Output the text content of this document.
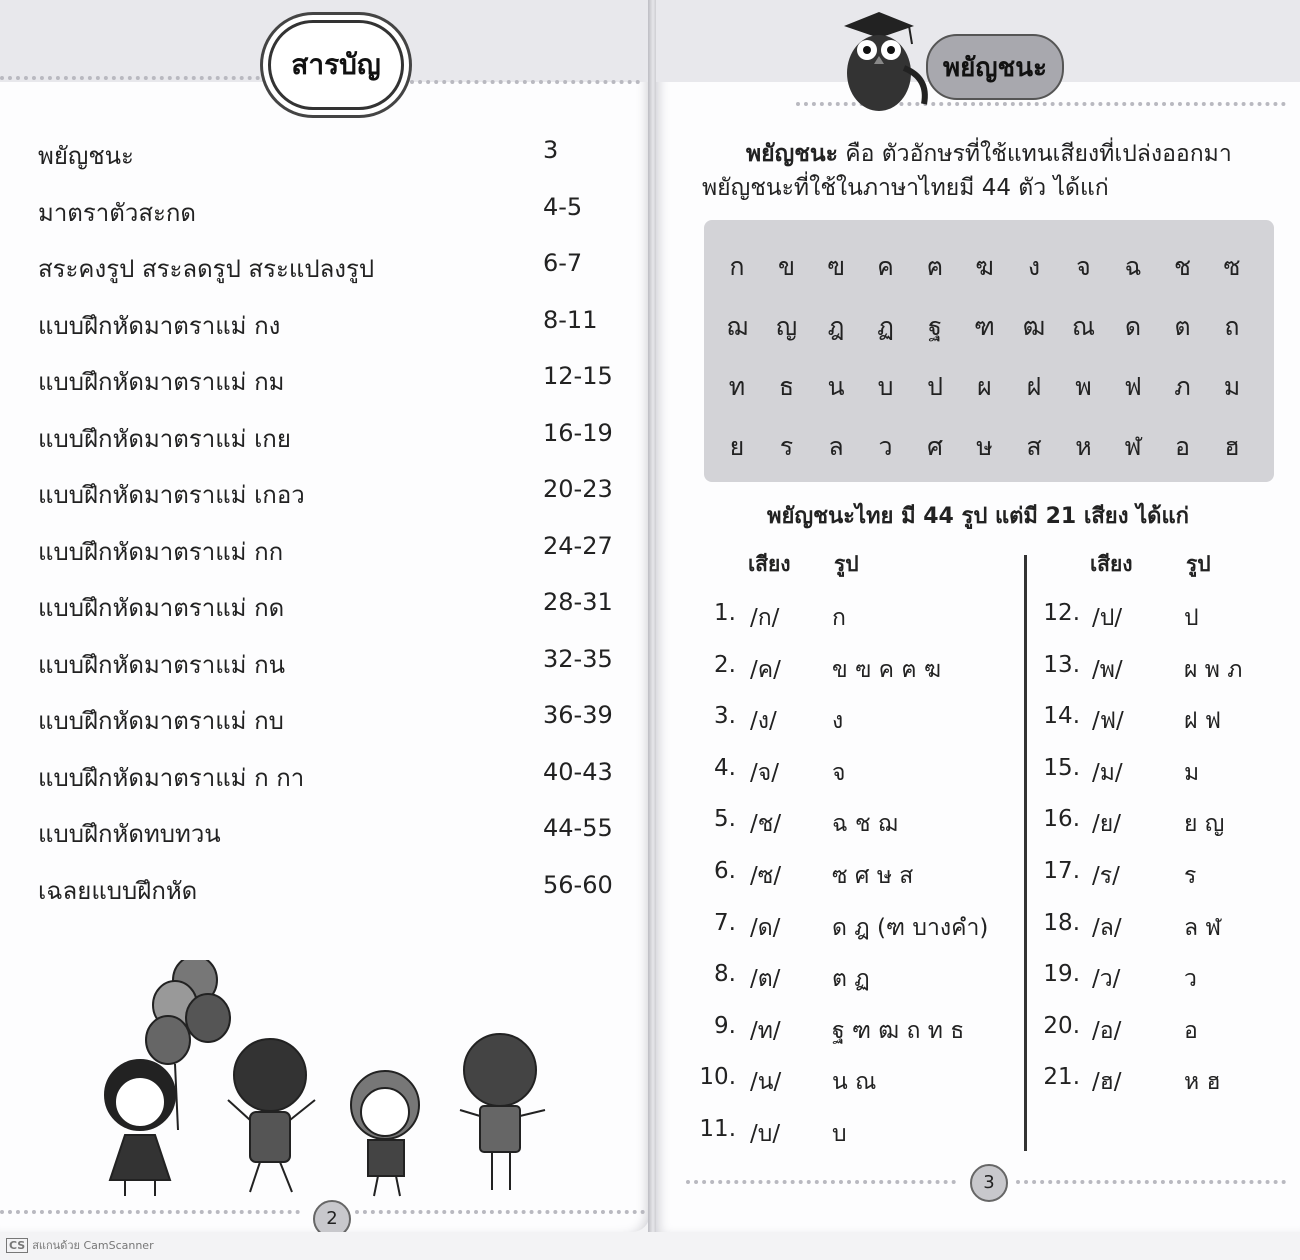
สารบัญ
พยัญชนะ	3
มาตราตัวสะกด	4-5
สระคงรูป สระลดรูป สระแปลงรูป	6-7
แบบฝึกหัดมาตราแม่ กง	8-11
แบบฝึกหัดมาตราแม่ กม	12-15
แบบฝึกหัดมาตราแม่ เกย	16-19
แบบฝึกหัดมาตราแม่ เกอว	20-23
แบบฝึกหัดมาตราแม่ กก	24-27
แบบฝึกหัดมาตราแม่ กด	28-31
แบบฝึกหัดมาตราแม่ กน	32-35
แบบฝึกหัดมาตราแม่ กบ	36-39
แบบฝึกหัดมาตราแม่ ก กา	40-43
แบบฝึกหัดทบทวน	44-55
เฉลยแบบฝึกหัด	56-60
2
พยัญชนะ
พยัญชนะ คือ ตัวอักษรที่ใช้แทนเสียงที่เปล่งออกมา
พยัญชนะที่ใช้ในภาษาไทยมี 44 ตัว ได้แก่
ก	ข	ฃ	ค	ฅ	ฆ	ง	จ	ฉ	ช	ซ
ฌ	ญ	ฎ	ฏ	ฐ	ฑ	ฒ	ณ	ด	ต	ถ
ท	ธ	น	บ	ป	ผ	ฝ	พ	ฟ	ภ	ม
ย	ร	ล	ว	ศ	ษ	ส	ห	ฬ	อ	ฮ
พยัญชนะไทย มี 44 รูป แต่มี 21 เสียง ได้แก่
เสียง รูป	เสียง	รูป
1. /ก/ ก
2. /ค/ ข ฃ ค ฅ ฆ
3. /ง/ ง
4. /จ/ จ
5. /ช/ ฉ ช ฌ
6. /ซ/ ซ ศ ษ ส
7. /ด/ ด ฎ (ฑ บางคำ)
8. /ต/ ต ฏ
9. /ท/ ฐ ฑ ฒ ถ ท ธ
10. /น/ น ณ
11. /บ/ บ
12. /ป/	ป
13. /พ/	ผ พ ภ
14. /ฟ/	ฝ ฟ
15. /ม/	ม
16. /ย/	ย ญ
17. /ร/	ร
18. /ล/	ล ฬ
19. /ว/	ว
20. /อ/	อ
21. /ฮ/	ห ฮ
3
CS สแกนด้วย CamScanner
